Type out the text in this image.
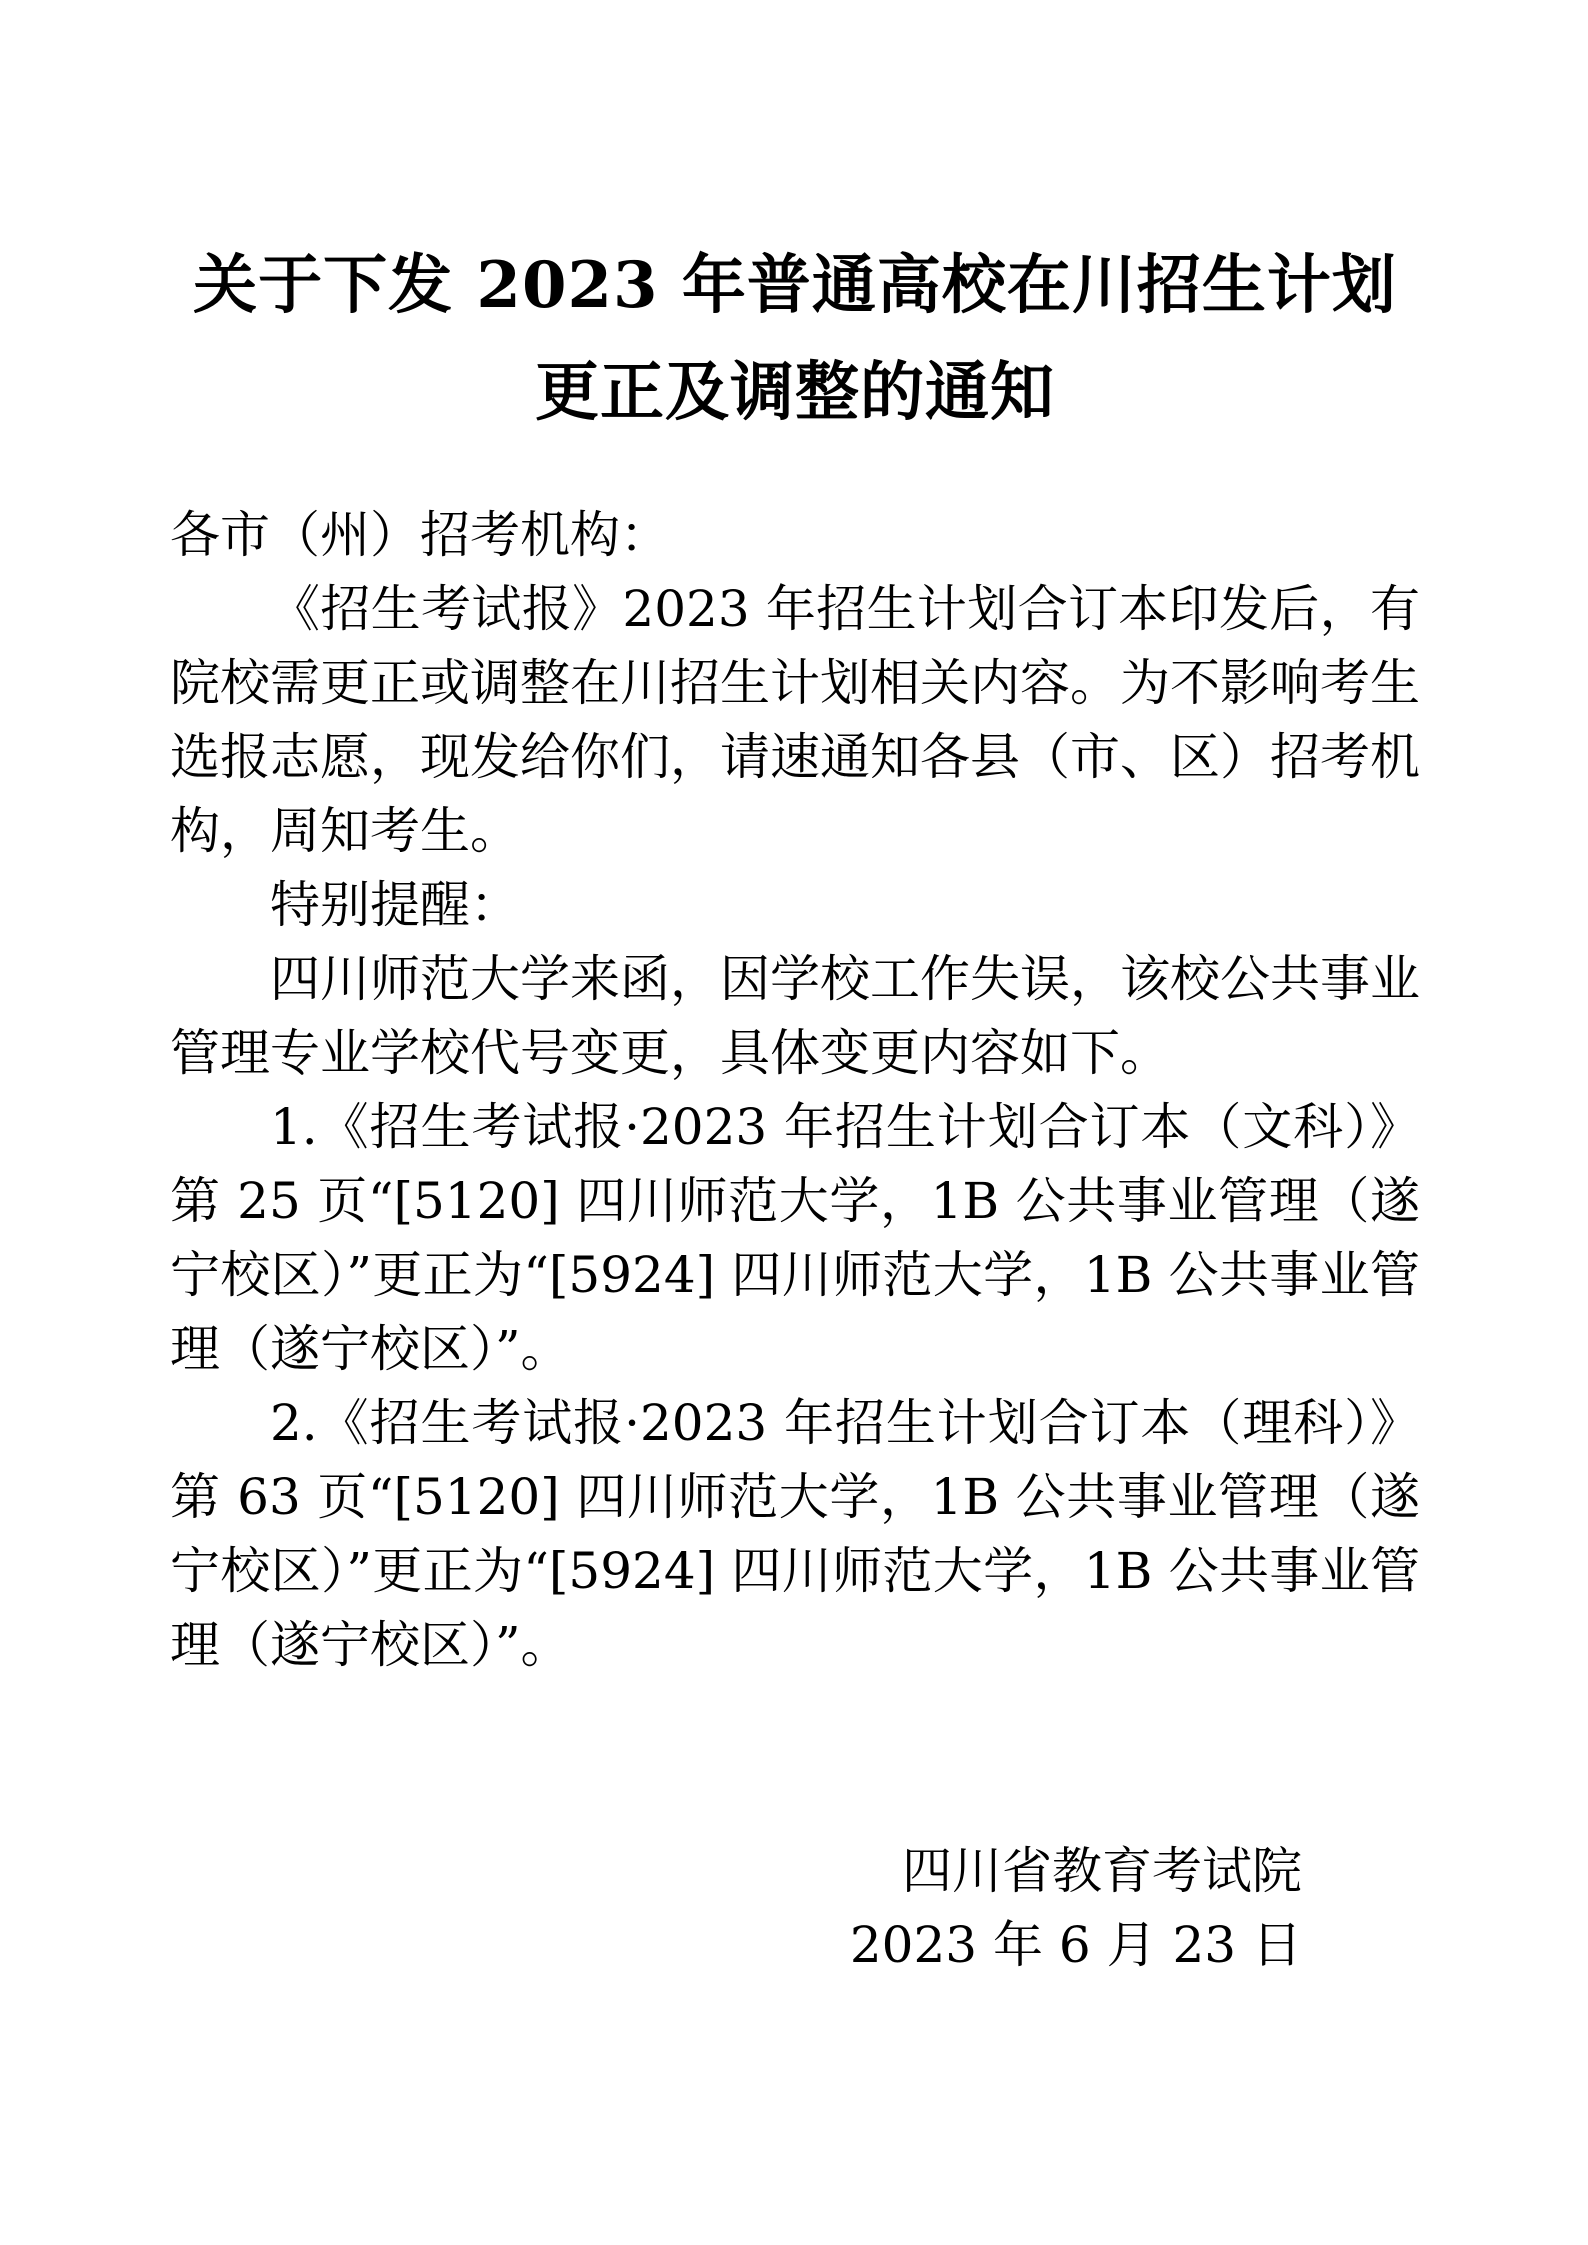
关于下发 2023 年普通高校在川招生计划
更正及调整的通知

各市（州）招考机构：

《招生考试报》2023 年招生计划合订本印发后，有院校需更正或调整在川招生计划相关内容。为不影响考生选报志愿，现发给你们，请速通知各县（市、区）招考机构，周知考生。

特别提醒：

四川师范大学来函，因学校工作失误，该校公共事业管理专业学校代号变更，具体变更内容如下。

1.《招生考试报·2023 年招生计划合订本（文科）》第 25 页“[5120] 四川师范大学，1B 公共事业管理（遂宁校区）”更正为“[5924] 四川师范大学，1B 公共事业管理（遂宁校区）”。

2.《招生考试报·2023 年招生计划合订本（理科）》第 63 页“[5120] 四川师范大学，1B 公共事业管理（遂宁校区）”更正为“[5924] 四川师范大学，1B 公共事业管理（遂宁校区）”。

四川省教育考试院

2023 年 6 月 23 日
